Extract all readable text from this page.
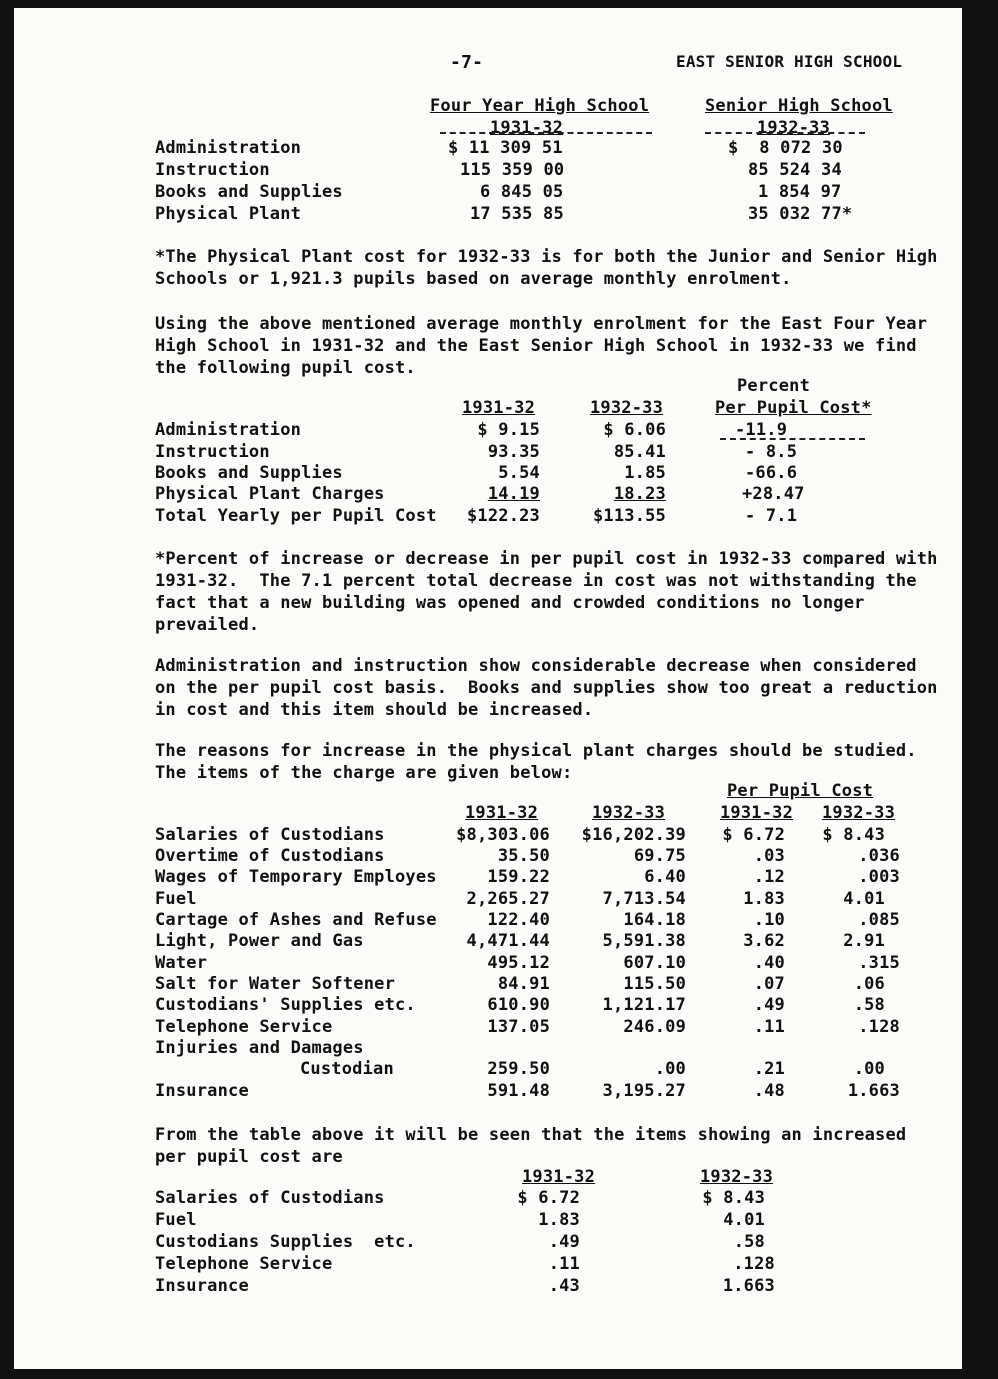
-7-	EAST SENIOR HIGH SCHOOL
Four Year High School
1931-32
Senior High School
1932-33
Administration	$ 11 309 51	$  8 072 30
Instruction	115 359 00	85 524 34
Books and Supplies	6 845 05	1 854 97
Physical Plant	17 535 85	35 032 77*
*The Physical Plant cost for 1932-33 is for both the Junior and Senior High Schools or 1,921.3 pupils based on average monthly enrolment.
Using the above mentioned average monthly enrolment for the East Four Year High School in 1931-32 and the East Senior High School in 1932-33 we find the following pupil cost.
Percent
1931-32	1932-33	Per Pupil Cost*
Administration	$ 9.15	$ 6.06	-11.9
Instruction	93.35	85.41	- 8.5
Books and Supplies	5.54	1.85	-66.6
Physical Plant Charges	14.19	18.23	+28.47
Total Yearly per Pupil Cost	$122.23	$113.55	- 7.1
*Percent of increase or decrease in per pupil cost in 1932-33 compared with 1931-32.  The 7.1 percent total decrease in cost was not withstanding the fact that a new building was opened and crowded conditions no longer prevailed.
Administration and instruction show considerable decrease when considered on the per pupil cost basis.  Books and supplies show too great a reduction in cost and this item should be increased.
The reasons for increase in the physical plant charges should be studied. The items of the charge are given below:
Per Pupil Cost
1931-32	1932-33	1931-32 1932-33
Salaries of Custodians	$8,303.06	$16,202.39	$ 6.72	$ 8.43
Overtime of Custodians	35.50	69.75	.03	.036
Wages of Temporary Employes	159.22	6.40	.12	.003
Fuel	2,265.27	7,713.54	1.83	4.01
Cartage of Ashes and Refuse	122.40	164.18	.10	.085
Light, Power and Gas	4,471.44	5,591.38	3.62	2.91
Water	495.12	607.10	.40	.315
Salt for Water Softener	84.91	115.50	.07	.06
Custodians' Supplies etc.	610.90	1,121.17	.49	.58
Telephone Service	137.05	246.09	.11	.128
Injuries and Damages
Custodian	259.50	.00	.21	.00
Insurance	591.48	3,195.27	.48	1.663
From the table above it will be seen that the items showing an increased per pupil cost are
1931-32	1932-33
Salaries of Custodians	$ 6.72	$ 8.43
Fuel	1.83	4.01
Custodians Supplies  etc.	.49	.58
Telephone Service	.11	.128
Insurance	.43	1.663
